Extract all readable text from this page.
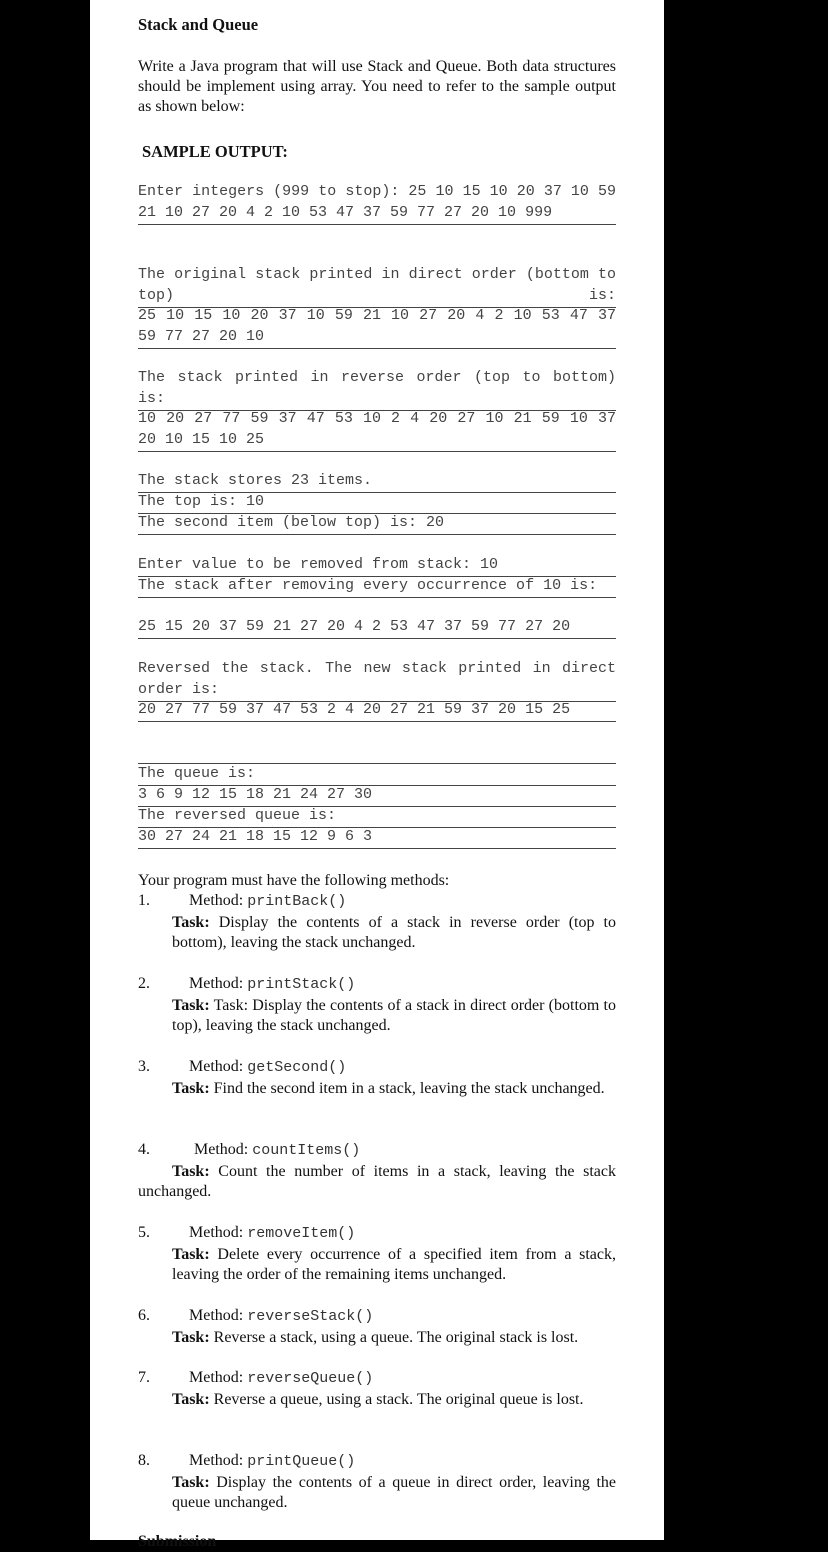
Stack and Queue
Write a Java program that will use Stack and Queue. Both data structures should be implement using array. You need to refer to the sample output as shown below:
SAMPLE OUTPUT:
Enter integers (999 to stop): 25 10 15 10 20 37 10 59 21 10 27 20 4 2 10 53 47 37 59 77 27 20 10 999
The original stack printed in direct order (bottom to top) is:
25 10 15 10 20 37 10 59 21 10 27 20 4 2 10 53 47 37 59 77 27 20 10
The stack printed in reverse order (top to bottom) is:
10 20 27 77 59 37 47 53 10 2 4 20 27 10 21 59 10 37 20 10 15 10 25
The stack stores 23 items.
The top is: 10
The second item (below top) is: 20
Enter value to be removed from stack: 10
The stack after removing every occurrence of 10 is:
25 15 20 37 59 21 27 20 4 2 53 47 37 59 77 27 20
Reversed the stack. The new stack printed in direct order is:
20 27 77 59 37 47 53 2 4 20 27 21 59 37 20 15 25
The queue is:
3 6 9 12 15 18 21 24 27 30
The reversed queue is:
30 27 24 21 18 15 12 9 6 3
Your program must have the following methods:
1. Method: printBack()
Task: Display the contents of a stack in reverse order (top to bottom), leaving the stack unchanged.
2. Method: printStack()
Task: Task: Display the contents of a stack in direct order (bottom to top), leaving the stack unchanged.
3. Method: getSecond()
Task: Find the second item in a stack, leaving the stack unchanged.
4.	Method: countItems()
Task: Count the number of items in a stack, leaving the stack unchanged.
5. Method: removeItem()
Task: Delete every occurrence of a specified item from a stack, leaving the order of the remaining items unchanged.
6. Method: reverseStack()
Task: Reverse a stack, using a queue. The original stack is lost.
7. Method: reverseQueue()
Task: Reverse a queue, using a stack. The original queue is lost.
8. Method: printQueue()
Task: Display the contents of a queue in direct order, leaving the queue unchanged.
Submission
